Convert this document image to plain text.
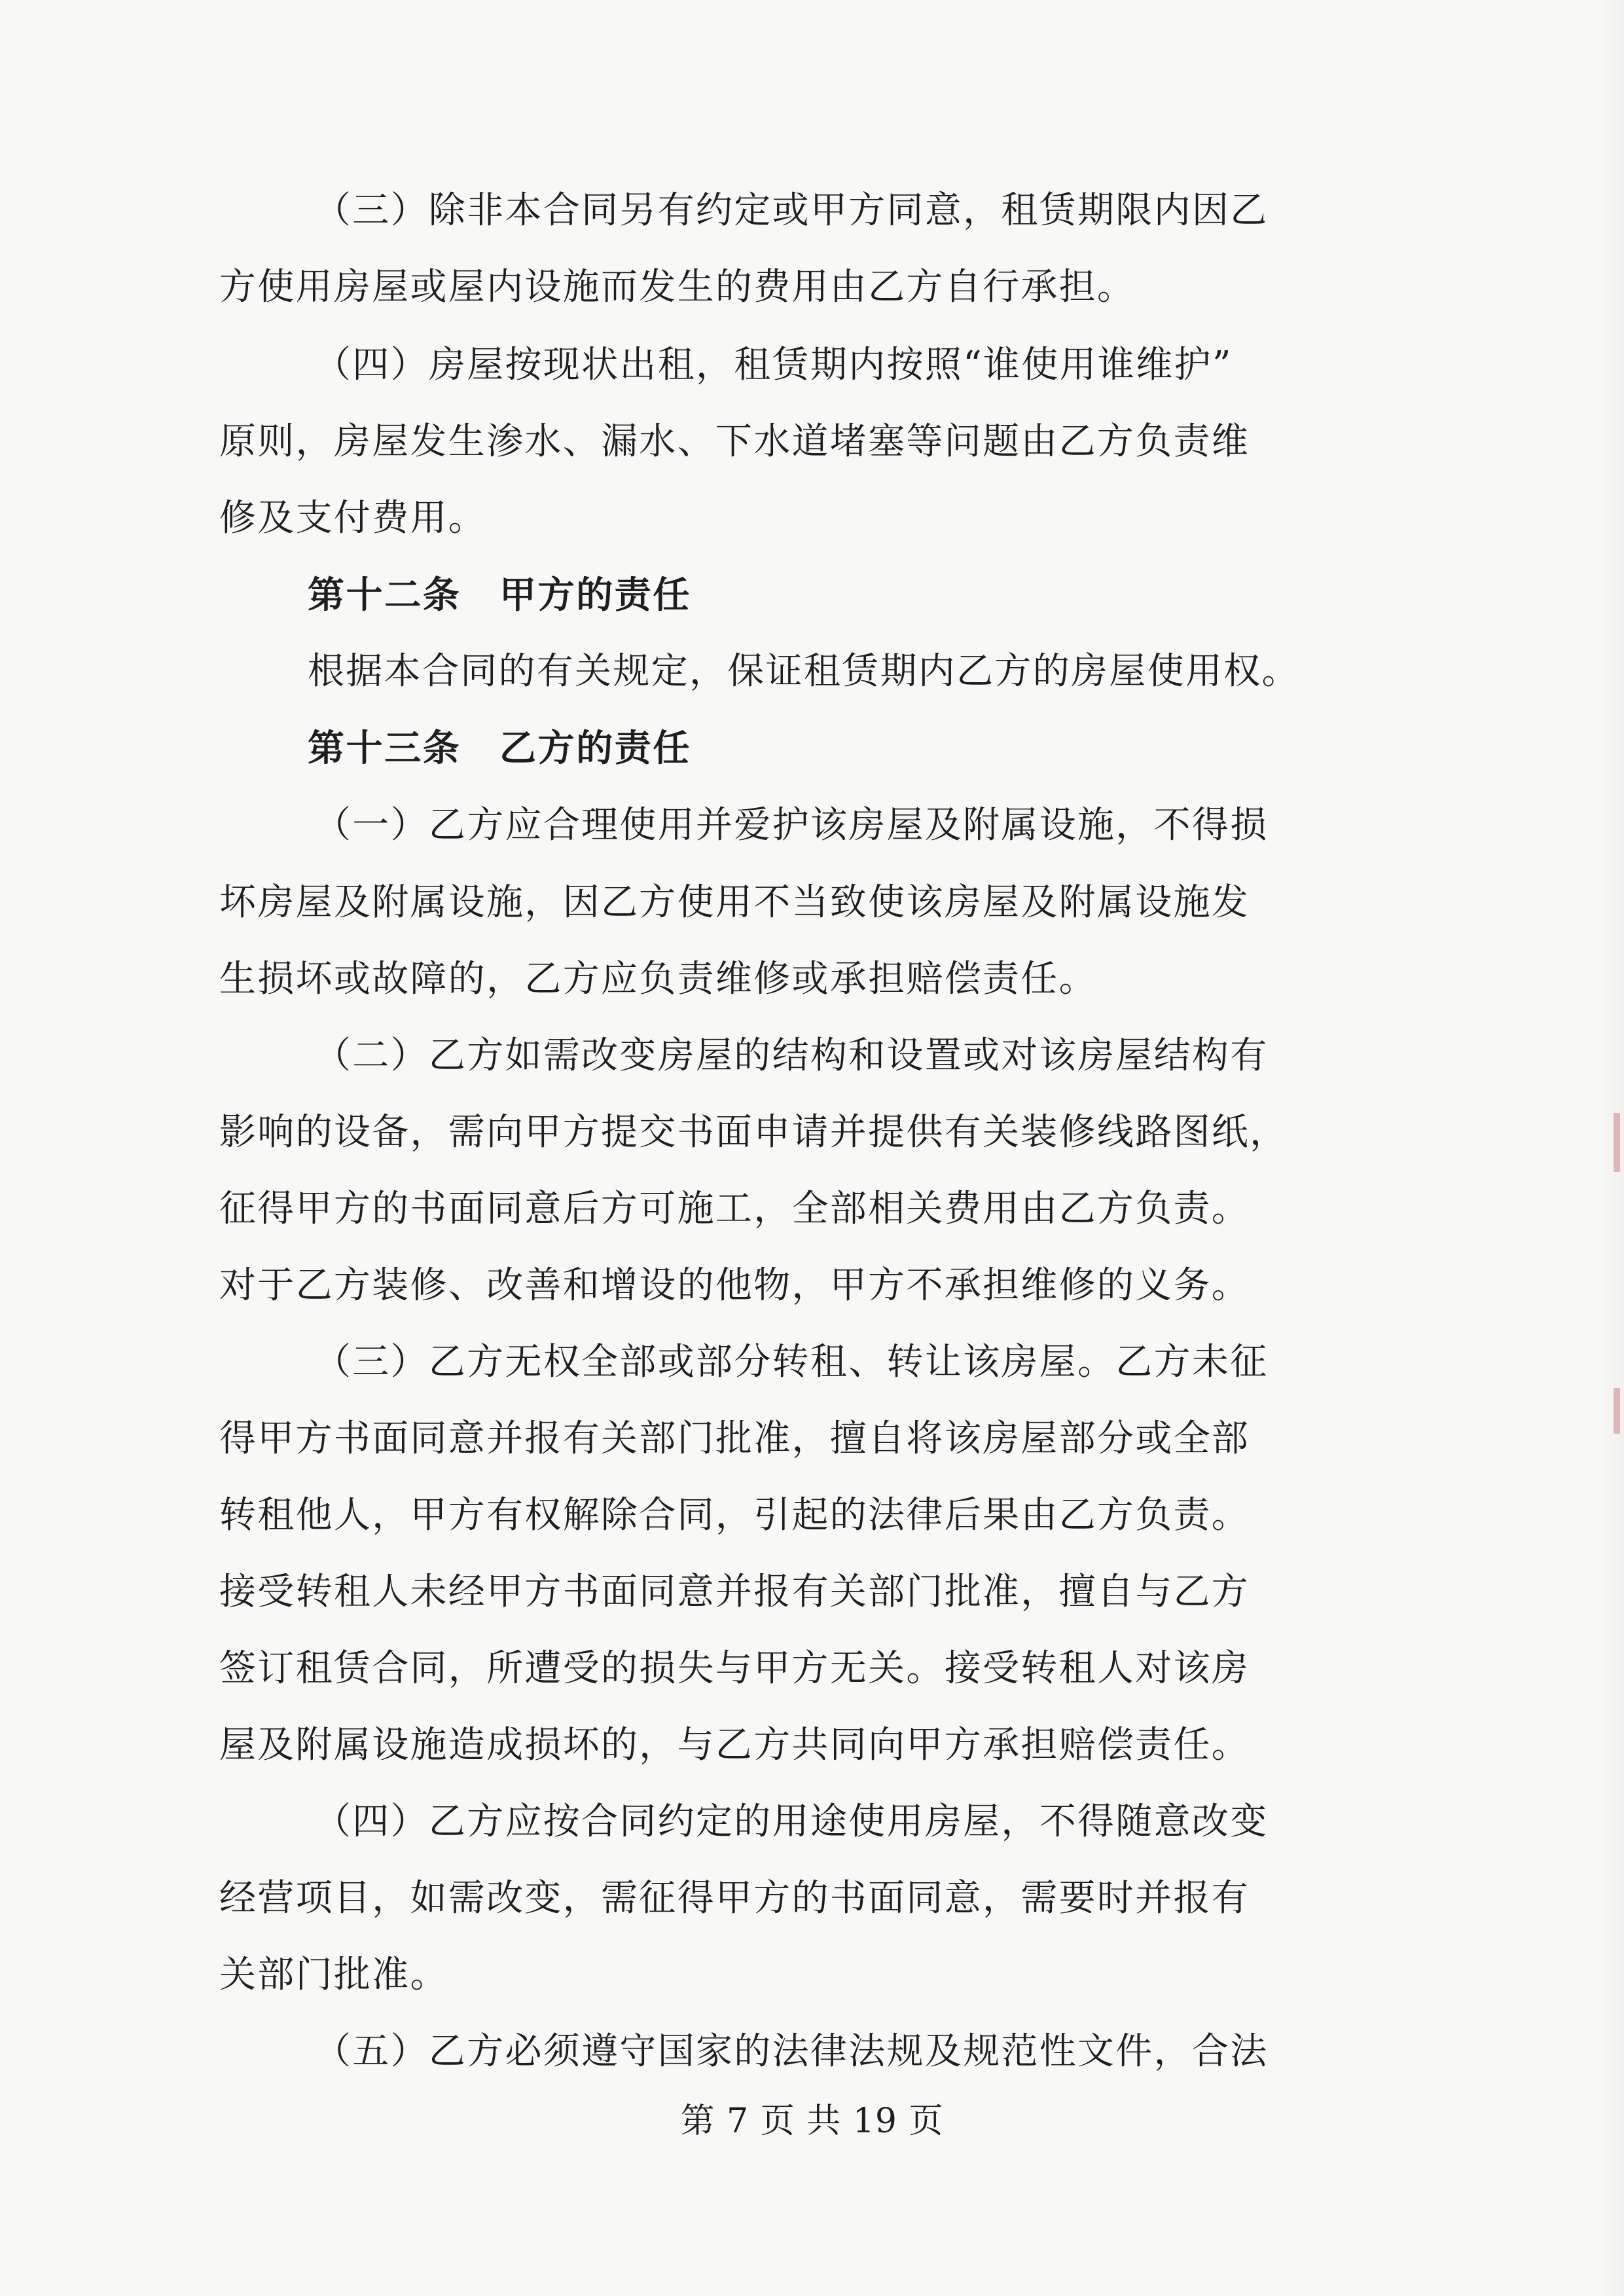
（三）除非本合同另有约定或甲方同意，租赁期限内因乙
方使用房屋或屋内设施而发生的费用由乙方自行承担。
（四）房屋按现状出租，租赁期内按照“谁使用谁维护”
原则，房屋发生渗水、漏水、下水道堵塞等问题由乙方负责维
修及支付费用。
第十二条　甲方的责任
根据本合同的有关规定，保证租赁期内乙方的房屋使用权。
第十三条　乙方的责任
（一）乙方应合理使用并爱护该房屋及附属设施，不得损
坏房屋及附属设施，因乙方使用不当致使该房屋及附属设施发
生损坏或故障的，乙方应负责维修或承担赔偿责任。
（二）乙方如需改变房屋的结构和设置或对该房屋结构有
影响的设备，需向甲方提交书面申请并提供有关装修线路图纸，
征得甲方的书面同意后方可施工，全部相关费用由乙方负责。
对于乙方装修、改善和增设的他物，甲方不承担维修的义务。
（三）乙方无权全部或部分转租、转让该房屋。乙方未征
得甲方书面同意并报有关部门批准，擅自将该房屋部分或全部
转租他人，甲方有权解除合同，引起的法律后果由乙方负责。
接受转租人未经甲方书面同意并报有关部门批准，擅自与乙方
签订租赁合同，所遭受的损失与甲方无关。接受转租人对该房
屋及附属设施造成损坏的，与乙方共同向甲方承担赔偿责任。
（四）乙方应按合同约定的用途使用房屋，不得随意改变
经营项目，如需改变，需征得甲方的书面同意，需要时并报有
关部门批准。
（五）乙方必须遵守国家的法律法规及规范性文件，合法
第 7 页 共 19 页
